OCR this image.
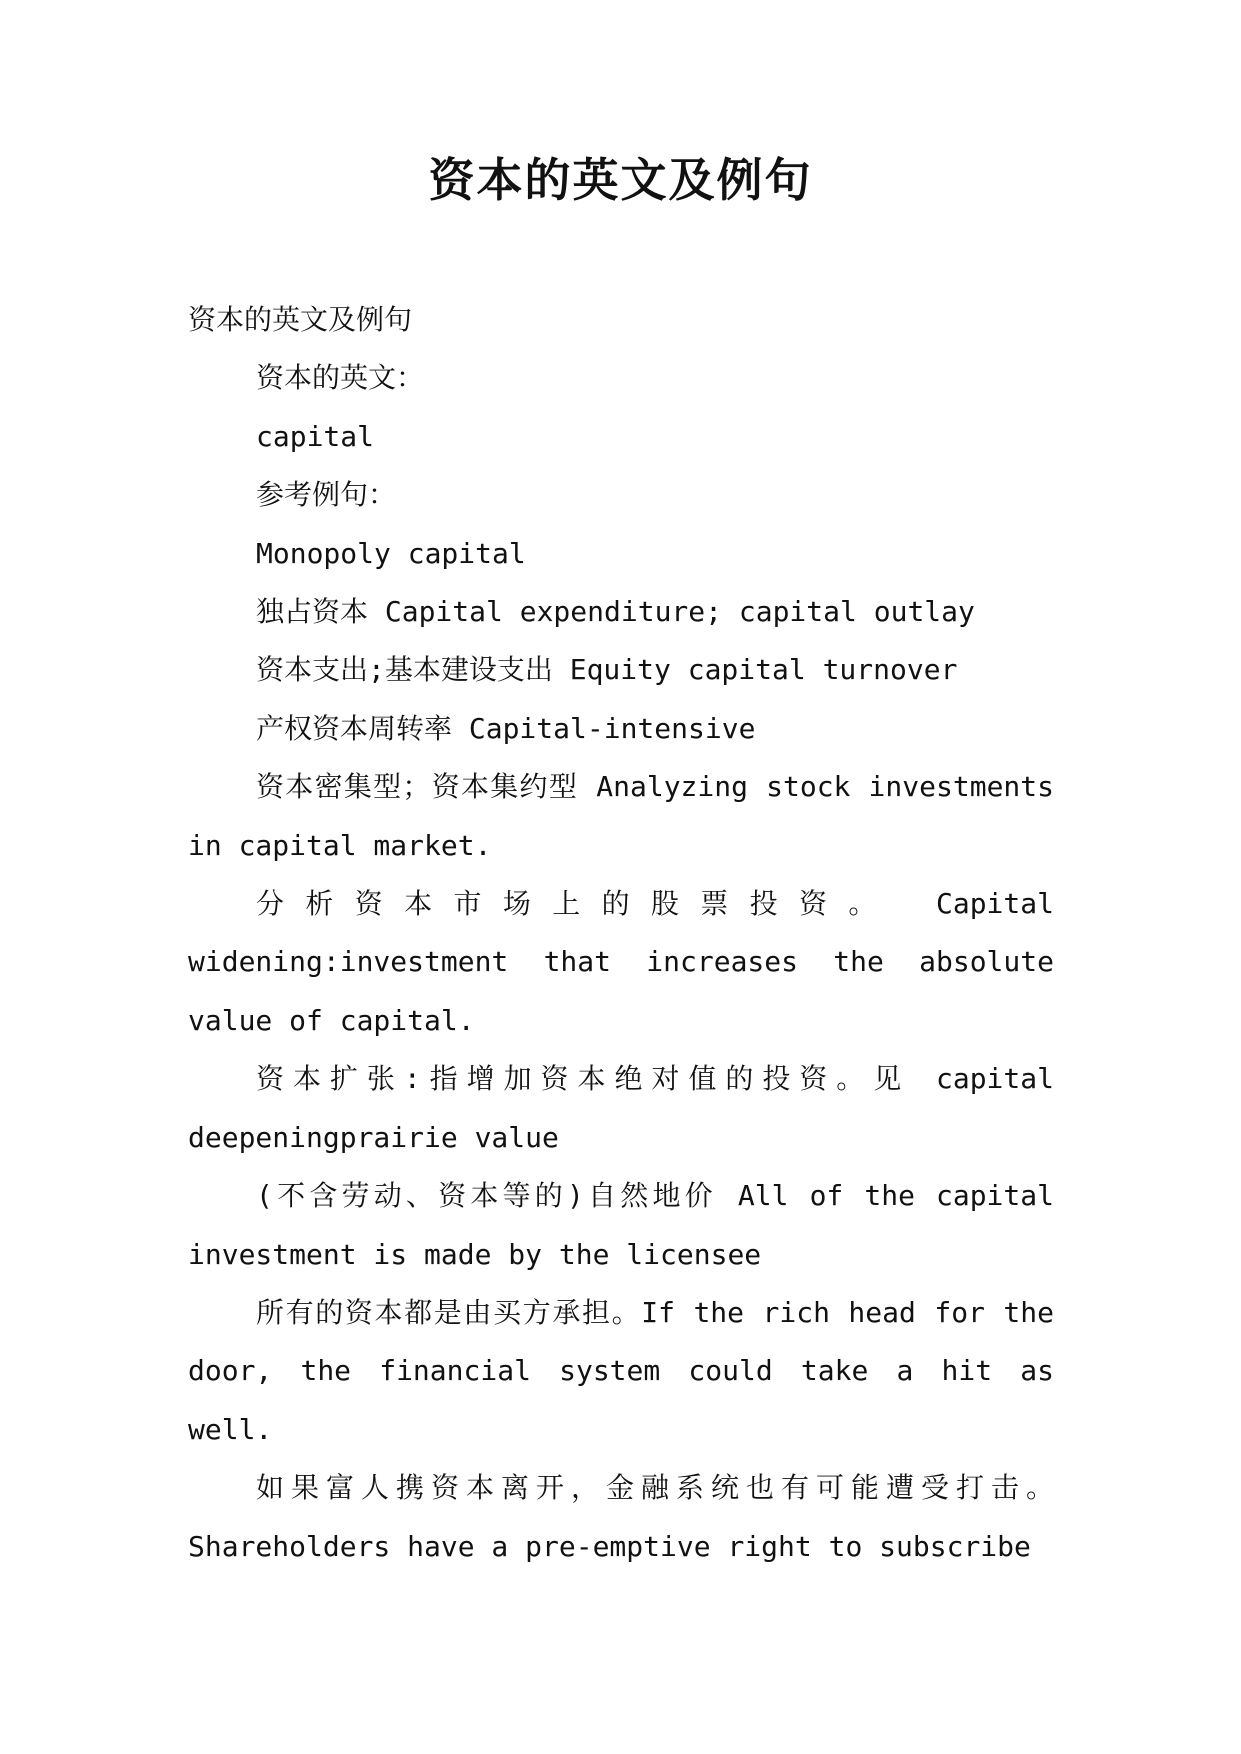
资本的英文及例句

资本的英文及例句

资本的英文：

capital

参考例句：

Monopoly capital

独占资本 Capital expenditure; capital outlay

资本支出;基本建设支出 Equity capital turnover

产权资本周转率 Capital-intensive

资本密集型；资本集约型 Analyzing stock investments in capital market.

分析资本市场上的股票投资。 Capital widening:investment that increases the absolute value of capital.

资本扩张:指增加资本绝对值的投资。见 capital deepeningprairie value

(不含劳动、资本等的)自然地价 All of the capital investment is made by the licensee

所有的资本都是由买方承担。If the rich head for the door, the financial system could take a hit as well.

如果富人携资本离开，金融系统也有可能遭受打击。Shareholders have a pre-emptive right to subscribe
